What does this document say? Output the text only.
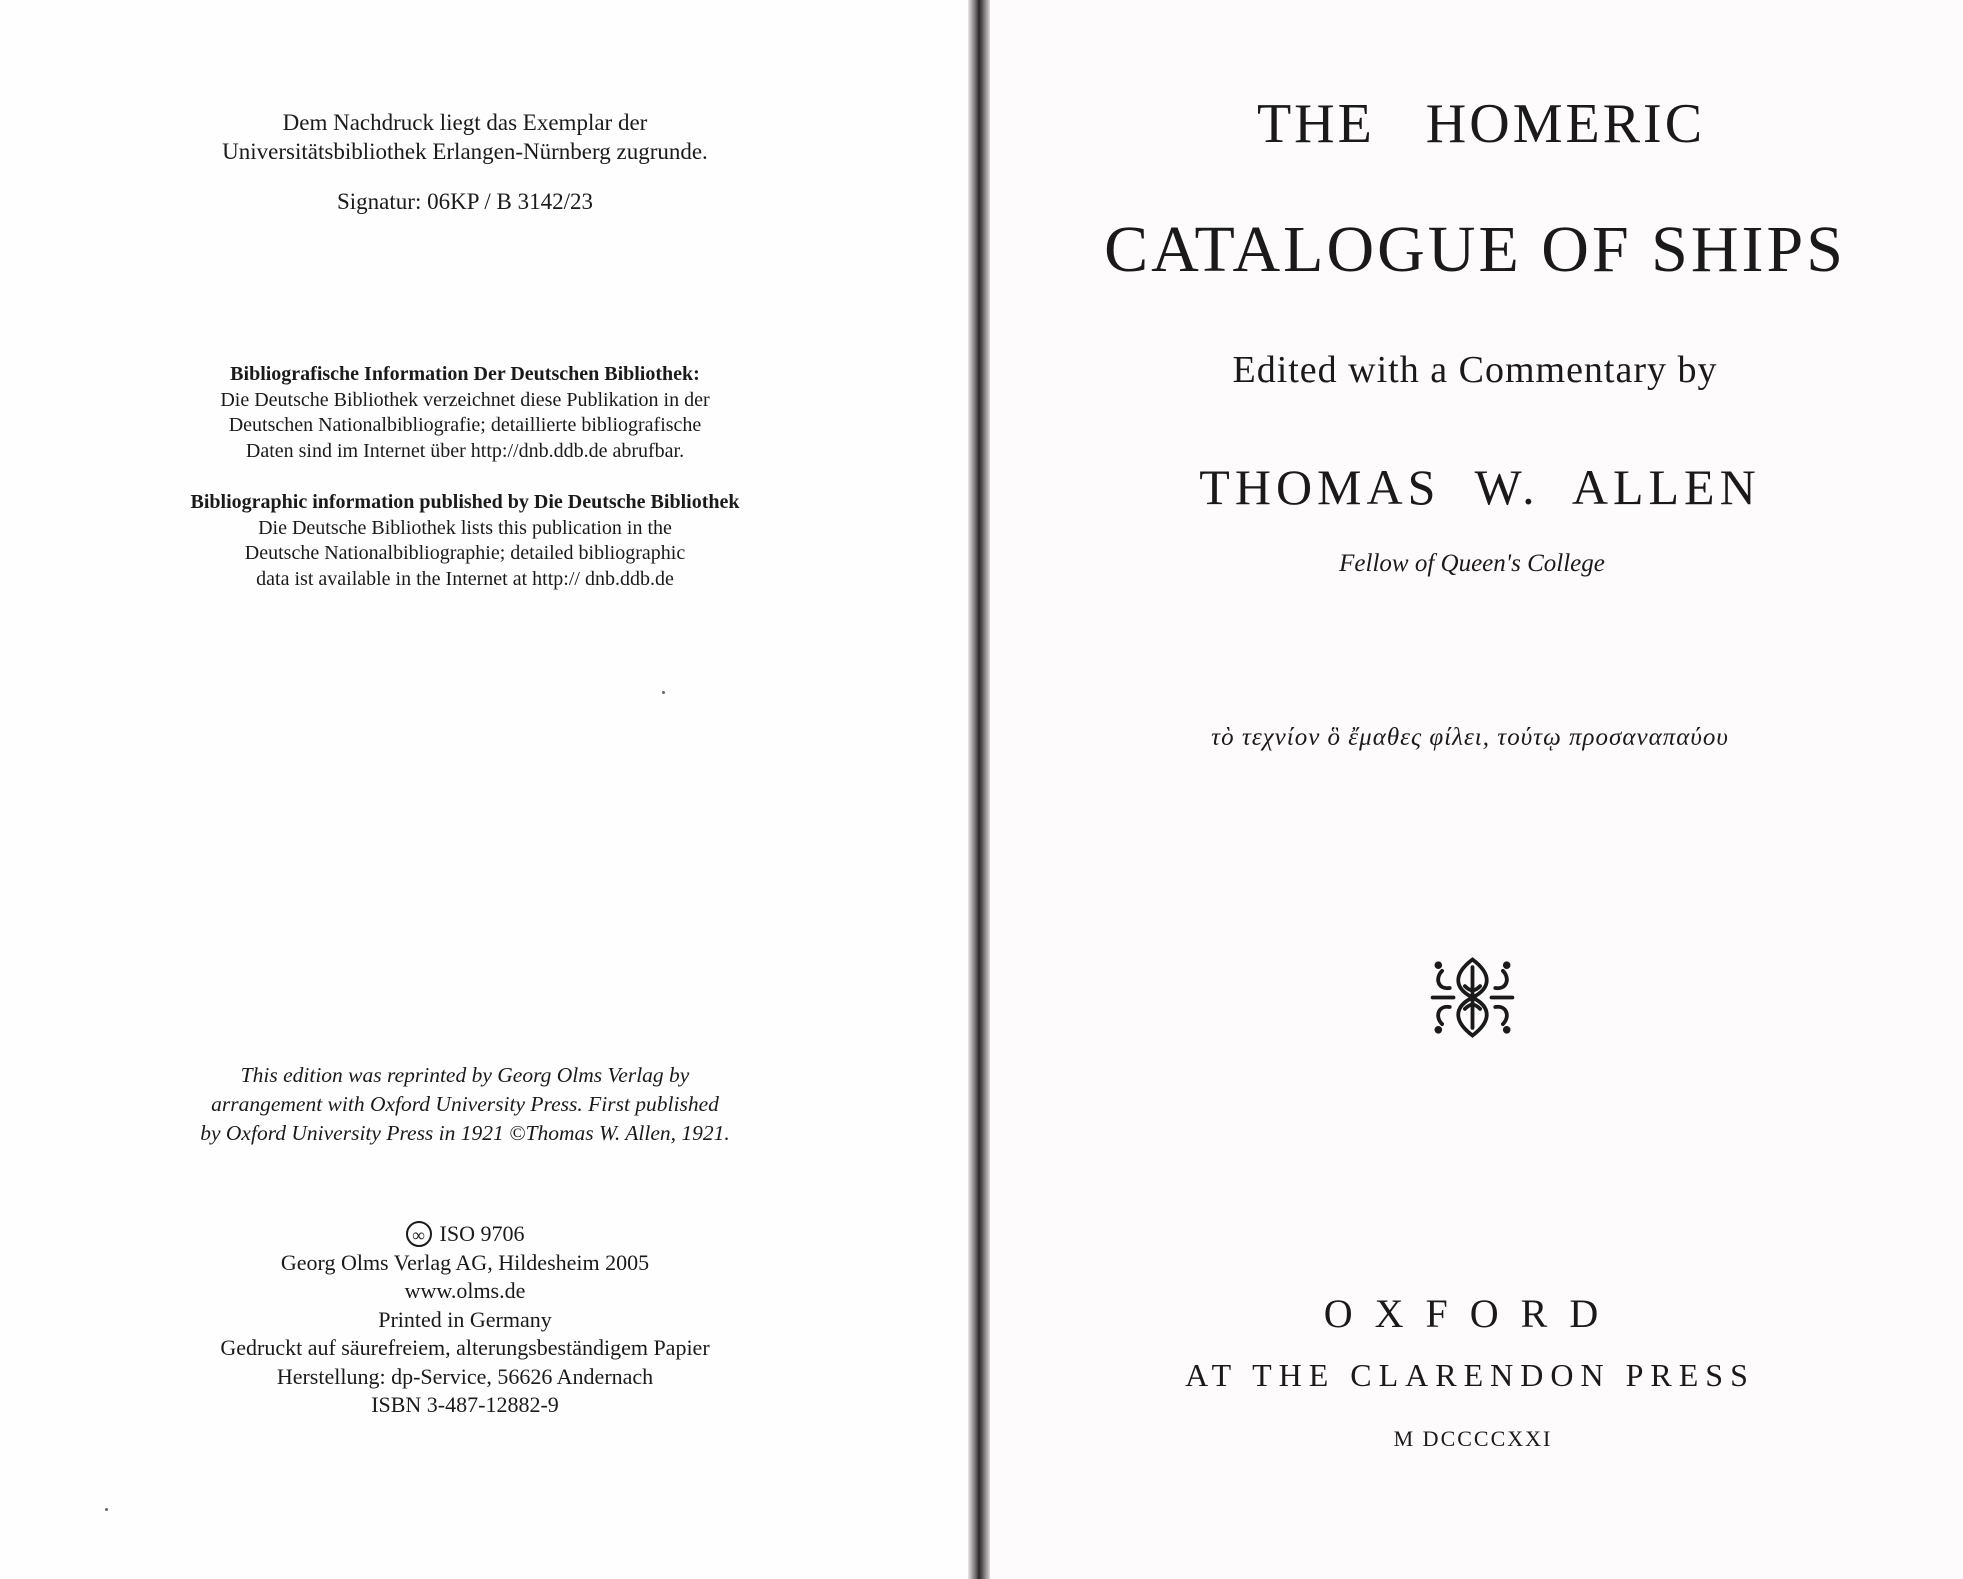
Dem Nachdruck liegt das Exemplar der
Universitätsbibliothek Erlangen-Nürnberg zugrunde.
Signatur: 06KP / B 3142/23
Bibliografische Information Der Deutschen Bibliothek:
Die Deutsche Bibliothek verzeichnet diese Publikation in der
Deutschen Nationalbibliografie; detaillierte bibliografische
Daten sind im Internet über http://dnb.ddb.de abrufbar.
Bibliographic information published by Die Deutsche Bibliothek
Die Deutsche Bibliothek lists this publication in the
Deutsche Nationalbibliographie; detailed bibliographic
data ist available in the Internet at http:// dnb.ddb.de
This edition was reprinted by Georg Olms Verlag by
arrangement with Oxford University Press. First published
by Oxford University Press in 1921 ©Thomas W. Allen, 1921.
∞ ISO 9706
Georg Olms Verlag AG, Hildesheim 2005
www.olms.de
Printed in Germany
Gedruckt auf säurefreiem, alterungsbeständigem Papier
Herstellung: dp-Service, 56626 Andernach
ISBN 3-487-12882-9
THE   HOMERIC
CATALOGUE OF SHIPS
Edited with a Commentary by
THOMAS  W.  ALLEN
Fellow of Queen's College
τὸ τεχνίον ὃ ἔμαθες φίλει, τούτῳ προσαναπαύου
OXFORD
AT THE CLARENDON PRESS
M DCCCCXXI
